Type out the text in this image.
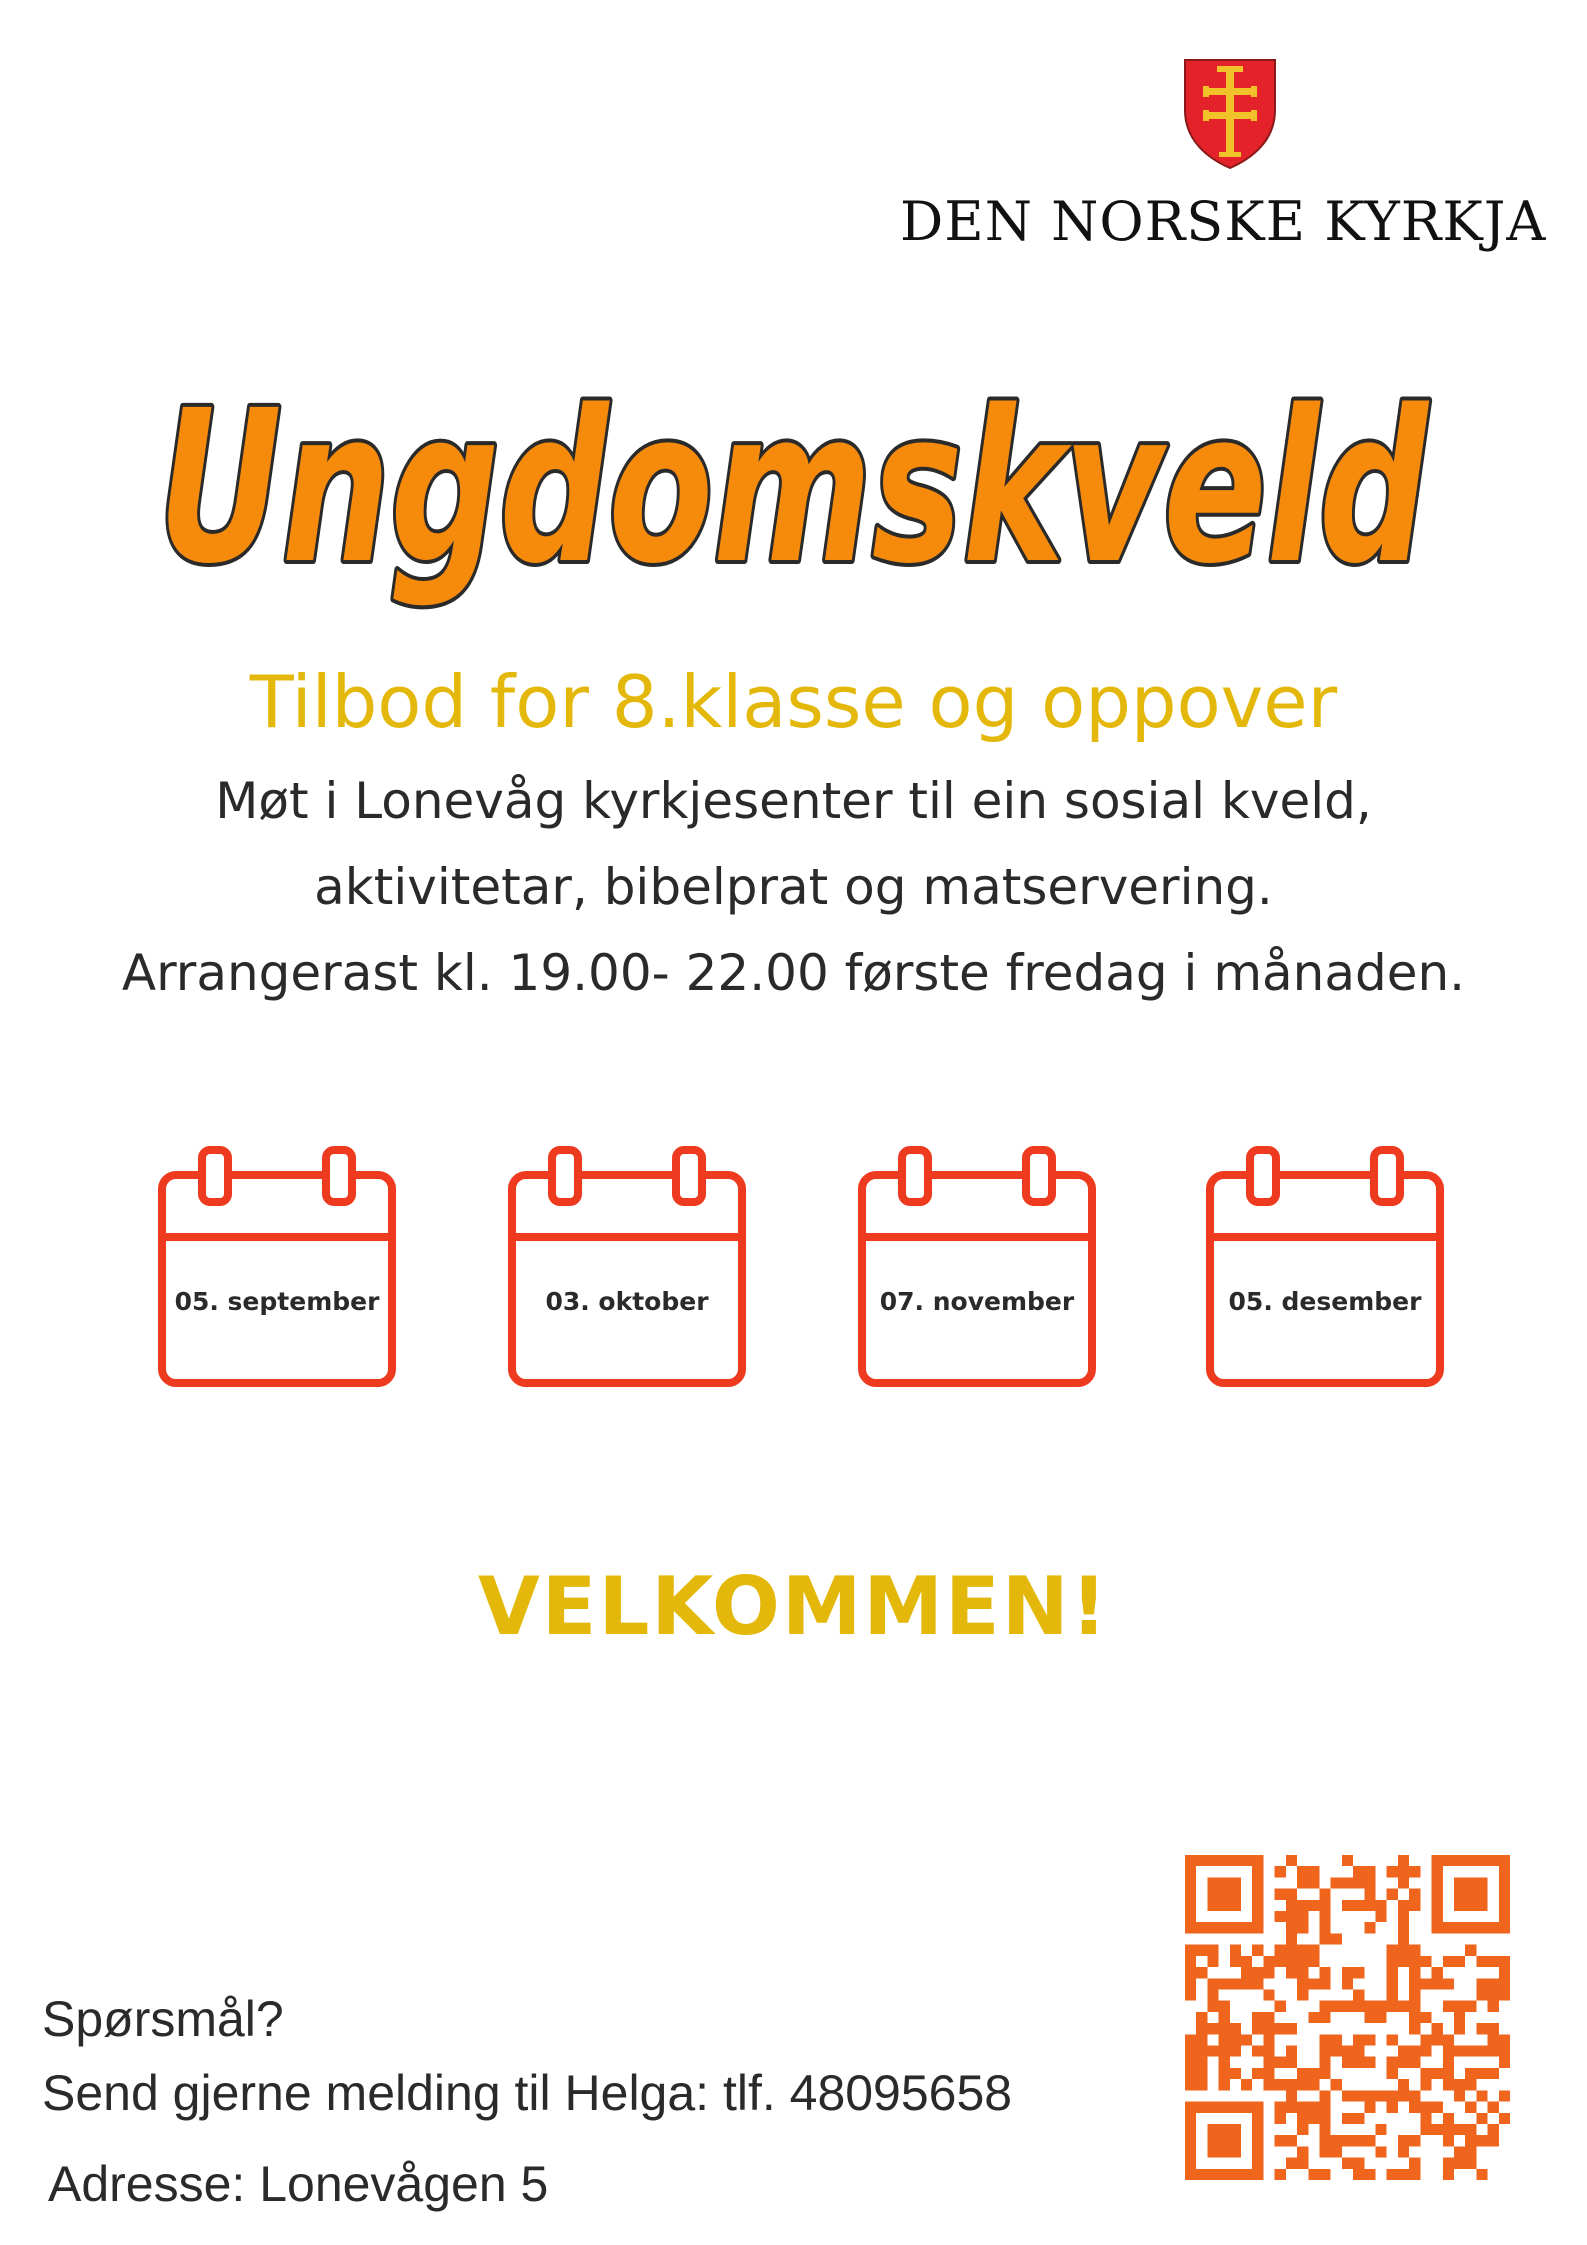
DEN NORSKE KYRKJA
Ungdomskveld
Tilbod for 8.klasse og oppover
Møt i Lonevåg kyrkjesenter til ein sosial kveld,
aktivitetar, bibelprat og matservering.
Arrangerast kl. 19.00- 22.00 første fredag i månaden.
05. september	03. oktober	07. november	05. desember
VELKOMMEN!
Spørsmål?
Send gjerne melding til Helga: tlf. 48095658
Adresse: Lonevågen 5
